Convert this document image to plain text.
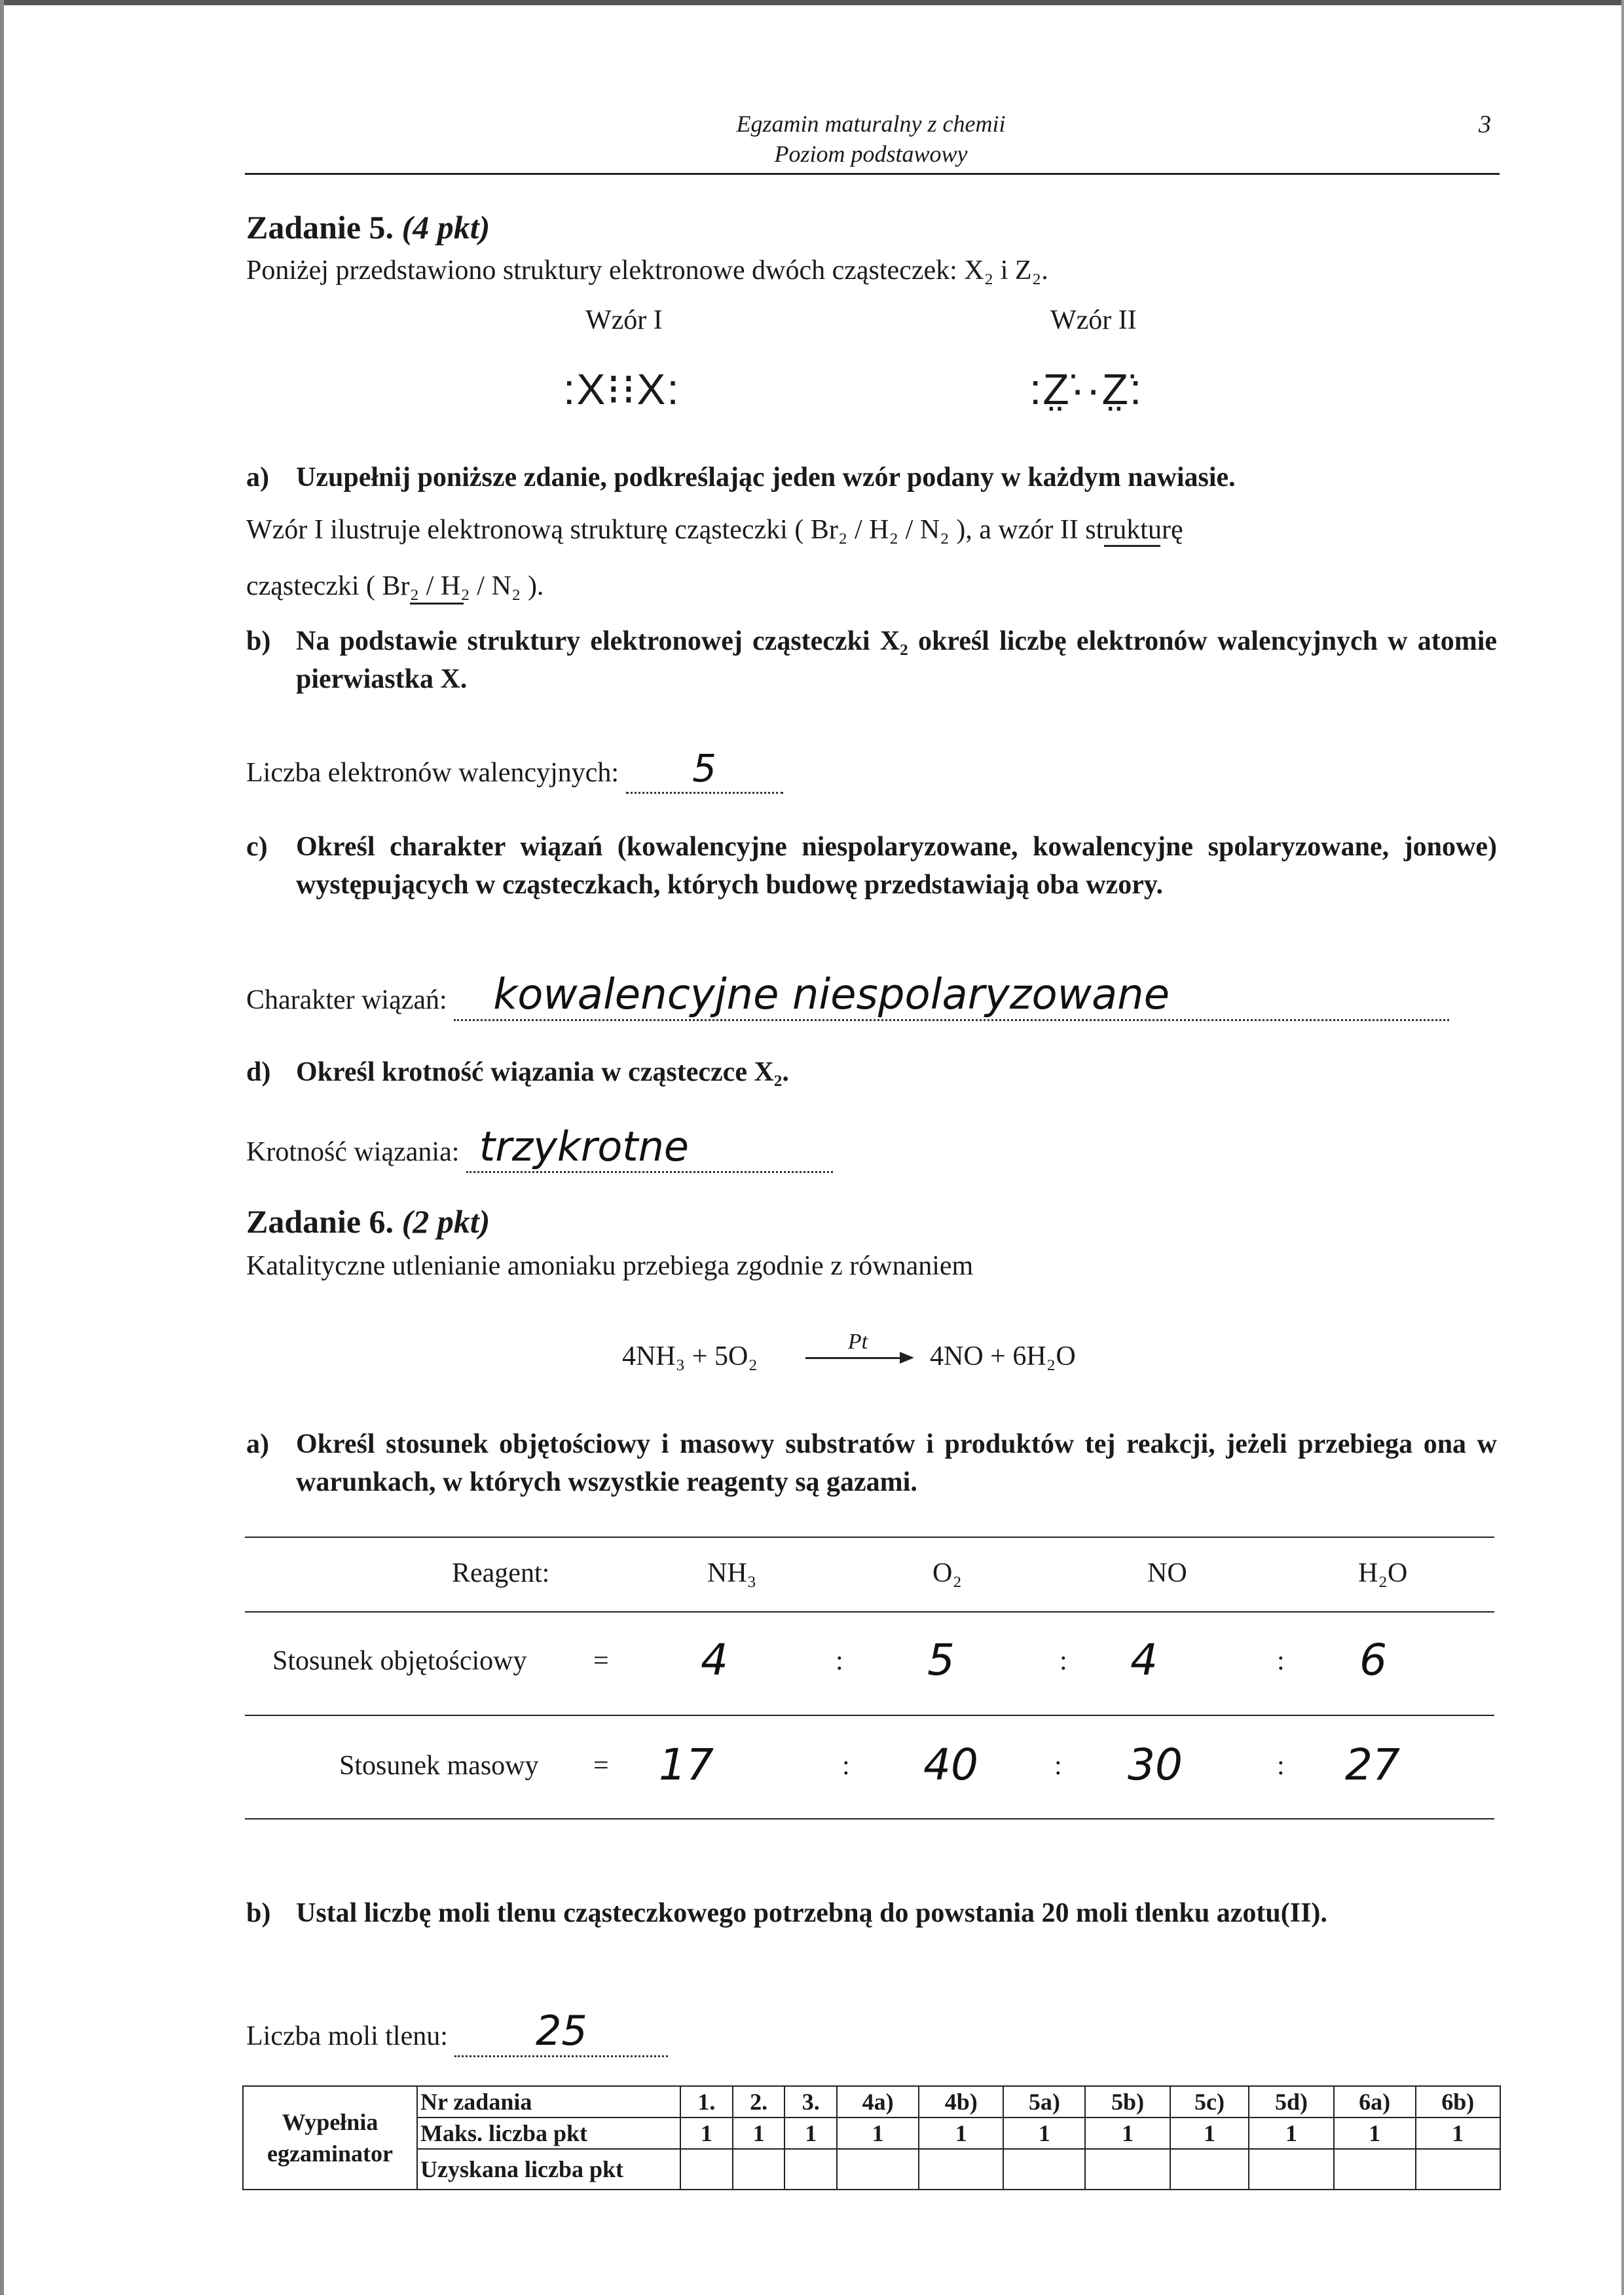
Egzamin maturalny z chemii
Poziom podstawowy
3
Zadanie 5. (4 pkt)
Poniżej przedstawiono struktury elektronowe dwóch cząsteczek: X₂ i Z₂.
Wzór I	Wzór II
:X⁝⁝X:	:Z̤̈··Z̤̈:
a) Uzupełnij poniższe zdanie, podkreślając jeden wzór podany w każdym nawiasie.
Wzór I ilustruje elektronową strukturę cząsteczki ( Br₂ / H₂ / N₂ ), a wzór II strukturę
cząsteczki ( Br₂ / H₂ / N₂ ).
b) Na podstawie struktury elektronowej cząsteczki X₂ określ liczbę elektronów walencyjnych w atomie pierwiastka X.
Liczba elektronów walencyjnych: 5
c) Określ charakter wiązań (kowalencyjne niespolaryzowane, kowalencyjne spolaryzowane, jonowe) występujących w cząsteczkach, których budowę przedstawiają oba wzory.
Charakter wiązań: kowalencyjne niespolaryzowane
d) Określ krotność wiązania w cząsteczce X₂.
Krotność wiązania: trzykrotne
Zadanie 6. (2 pkt)
Katalityczne utlenianie amoniaku przebiega zgodnie z równaniem
4NH₃ + 5O₂	Pt	4NO + 6H₂O
a) Określ stosunek objętościowy i masowy substratów i produktów tej reakcji, jeżeli przebiega ona w warunkach, w których wszystkie reagenty są gazami.
Reagent:	NH₃	O₂	NO	H₂O
Stosunek objętościowy = 4	: 5	: 4	: 6
Stosunek masowy = 17	: 40	: 30	: 27
b) Ustal liczbę moli tlenu cząsteczkowego potrzebną do powstania 20 moli tlenku azotu(II).
Liczba moli tlenu: 25
Wypełnia
egzaminator	Nr zadania	1.	2.	3.	4a)	4b)	5a)	5b)	5c)	5d)	6a)	6b)
	Maks. liczba pkt	1	1	1	1	1	1	1	1	1	1	1
	Uzyskana liczba pkt											
